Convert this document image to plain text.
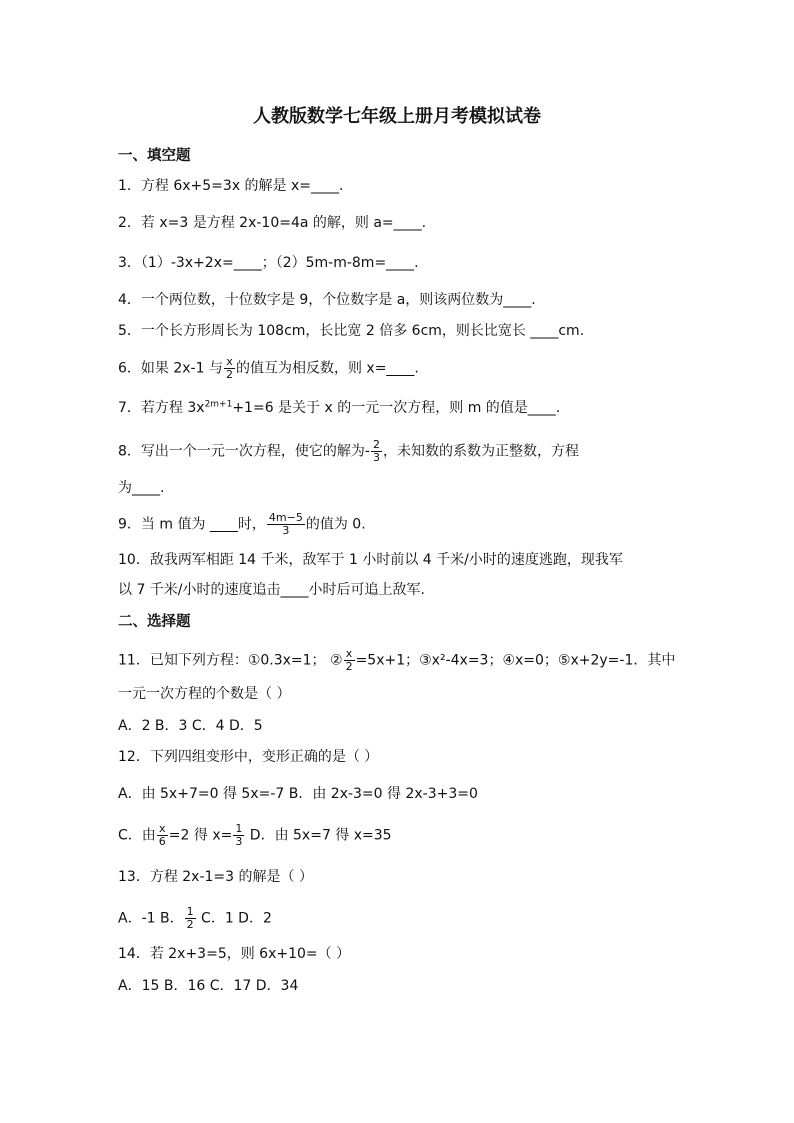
人教版数学七年级上册月考模拟试卷
一、填空题
1．方程 6x+5=3x 的解是 x=____.
2．若 x=3 是方程 2x-10=4a 的解，则 a=____.
3．（1）-3x+2x=____；（2）5m-m-8m=____.
4．一个两位数，十位数字是 9，个位数字是 a，则该两位数为____.
5．一个长方形周长为 108cm，长比宽 2 倍多 6cm，则长比宽长 ____cm.
6．如果 2x-1 与 $\frac{x}{2}$ 的值互为相反数，则 x=____.
7．若方程 $3x^{2m+1}+1=6$ 是关于 x 的一元一次方程，则 m 的值是____.
8．写出一个一元一次方程，使它的解为- $\frac{2}{3}$ ，未知数的系数为正整数，方程
为____.
9．当 m 值为 ____时， $\frac{4m-5}{3}$ 的值为 0.
10．敌我两军相距 14 千米，敌军于 1 小时前以 4 千米/小时的速度逃跑，现我军
以 7 千米/小时的速度追击____小时后可追上敌军.
二、选择题
11．已知下列方程：①0.3x=1； ② $\frac{x}{2} =5x+1$；③x²-4x=3；④x=0；⑤x+2y=-1．其中
一元一次方程的个数是（ ）
A．2 B．3 C．4 D．5
12．下列四组变形中，变形正确的是（ ）
A．由 5x+7=0 得 5x=-7 B．由 2x-3=0 得 2x-3+3=0
C．由 $\frac{x}{6} =2$ 得 $x= \frac{1}{3}$ D．由 5x=7 得 x=35
13．方程 2x-1=3 的解是（ ）
A．-1 B． $\frac{1}{2}$ C．1 D．2
14．若 2x+3=5，则 6x+10=（ ）
A．15 B．16 C．17 D．34
